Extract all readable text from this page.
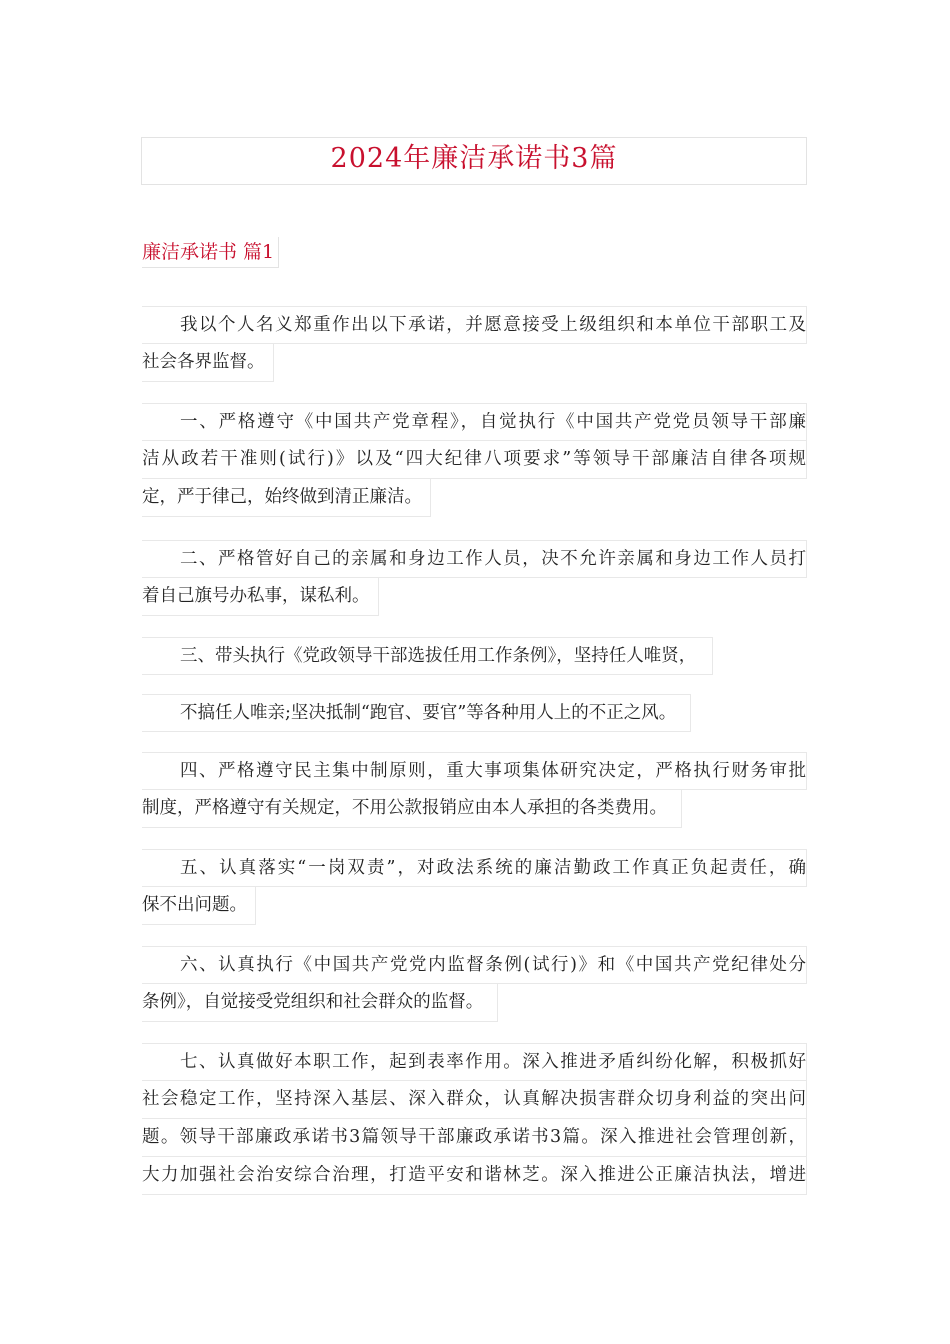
2024年廉洁承诺书3篇
廉洁承诺书 篇1
我以个人名义郑重作出以下承诺，并愿意接受上级组织和本单位干部职工及
社会各界监督。
一、严格遵守《中国共产党章程》，自觉执行《中国共产党党员领导干部廉
洁从政若干准则(试行)》以及“四大纪律八项要求”等领导干部廉洁自律各项规
定，严于律己，始终做到清正廉洁。
二、严格管好自己的亲属和身边工作人员，决不允许亲属和身边工作人员打
着自己旗号办私事，谋私利。
三、带头执行《党政领导干部选拔任用工作条例》，坚持任人唯贤，
不搞任人唯亲;坚决抵制“跑官、要官”等各种用人上的不正之风。
四、严格遵守民主集中制原则，重大事项集体研究决定，严格执行财务审批
制度，严格遵守有关规定，不用公款报销应由本人承担的各类费用。
五、认真落实“一岗双责”，对政法系统的廉洁勤政工作真正负起责任，确
保不出问题。
六、认真执行《中国共产党党内监督条例(试行)》和《中国共产党纪律处分
条例》，自觉接受党组织和社会群众的监督。
七、认真做好本职工作，起到表率作用。深入推进矛盾纠纷化解，积极抓好
社会稳定工作，坚持深入基层、深入群众，认真解决损害群众切身利益的突出问
题。领导干部廉政承诺书3篇领导干部廉政承诺书3篇。深入推进社会管理创新，
大力加强社会治安综合治理，打造平安和谐林芝。深入推进公正廉洁执法，增进
